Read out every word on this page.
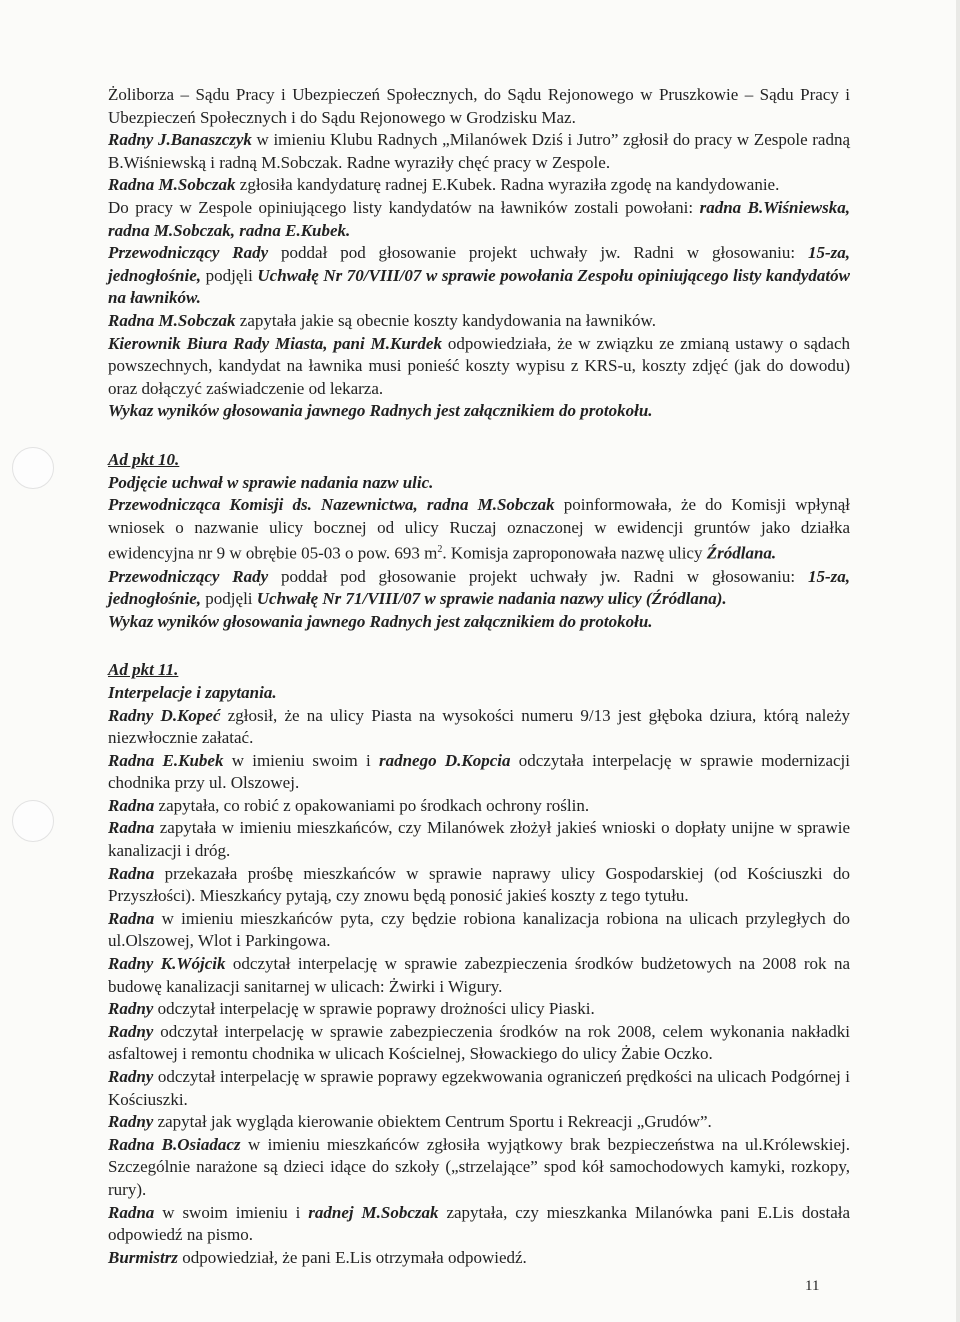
Żoliborza – Sądu Pracy i Ubezpieczeń Społecznych, do Sądu Rejonowego w Pruszkowie – Sądu Pracy i Ubezpieczeń Społecznych i do Sądu Rejonowego w Grodzisku Maz.

Radny J.Banaszczyk w imieniu Klubu Radnych „Milanówek Dziś i Jutro” zgłosił do pracy w Zespole radną B.Wiśniewską i radną M.Sobczak. Radne wyraziły chęć pracy w Zespole.

Radna M.Sobczak zgłosiła kandydaturę radnej E.Kubek. Radna wyraziła zgodę na kandydowanie.

Do pracy w Zespole opiniującego listy kandydatów na ławników zostali powołani: radna B.Wiśniewska, radna M.Sobczak, radna E.Kubek.

Przewodniczący Rady poddał pod głosowanie projekt uchwały jw. Radni w głosowaniu: 15-za, jednogłośnie, podjęli Uchwałę Nr 70/VIII/07 w sprawie powołania Zespołu opiniującego listy kandydatów na ławników.

Radna M.Sobczak zapytała jakie są obecnie koszty kandydowania na ławników.

Kierownik Biura Rady Miasta, pani M.Kurdek odpowiedziała, że w związku ze zmianą ustawy o sądach powszechnych, kandydat na ławnika musi ponieść koszty wypisu z KRS-u, koszty zdjęć (jak do dowodu) oraz dołączyć zaświadczenie od lekarza.

Wykaz wyników głosowania jawnego Radnych jest załącznikiem do protokołu.

Ad pkt 10.

Podjęcie uchwał w sprawie nadania nazw ulic.

Przewodnicząca Komisji ds. Nazewnictwa, radna M.Sobczak poinformowała, że do Komisji wpłynął wniosek o nazwanie ulicy bocznej od ulicy Ruczaj oznaczonej w ewidencji gruntów jako działka ewidencyjna nr 9 w obrębie 05-03 o pow. 693 $m^2$. Komisja zaproponowała nazwę ulicy Źródlana.

Przewodniczący Rady poddał pod głosowanie projekt uchwały jw. Radni w głosowaniu: 15-za, jednogłośnie, podjęli Uchwałę Nr 71/VIII/07 w sprawie nadania nazwy ulicy (Źródlana).

Wykaz wyników głosowania jawnego Radnych jest załącznikiem do protokołu.

Ad pkt 11.

Interpelacje i zapytania.

Radny D.Kopeć zgłosił, że na ulicy Piasta na wysokości numeru 9/13 jest głęboka dziura, którą należy niezwłocznie załatać.

Radna E.Kubek w imieniu swoim i radnego D.Kopcia odczytała interpelację w sprawie modernizacji chodnika przy ul. Olszowej.

Radna zapytała, co robić z opakowaniami po środkach ochrony roślin.

Radna zapytała w imieniu mieszkańców, czy Milanówek złożył jakieś wnioski o dopłaty unijne w sprawie kanalizacji i dróg.

Radna przekazała prośbę mieszkańców w sprawie naprawy ulicy Gospodarskiej (od Kościuszki do Przyszłości). Mieszkańcy pytają, czy znowu będą ponosić jakieś koszty z tego tytułu.

Radna w imieniu mieszkańców pyta, czy będzie robiona kanalizacja robiona na ulicach przyległych do ul.Olszowej, Wlot i Parkingowa.

Radny K.Wójcik odczytał interpelację w sprawie zabezpieczenia środków budżetowych na 2008 rok na budowę kanalizacji sanitarnej w ulicach: Żwirki i Wigury.

Radny odczytał interpelację w sprawie poprawy drożności ulicy Piaski.

Radny odczytał interpelację w sprawie zabezpieczenia środków na rok 2008, celem wykonania nakładki asfaltowej i remontu chodnika w ulicach Kościelnej, Słowackiego do ulicy Żabie Oczko.

Radny odczytał interpelację w sprawie poprawy egzekwowania ograniczeń prędkości na ulicach Podgórnej i Kościuszki.

Radny zapytał jak wygląda kierowanie obiektem Centrum Sportu i Rekreacji „Grudów”.

Radna B.Osiadacz w imieniu mieszkańców zgłosiła wyjątkowy brak bezpieczeństwa na ul.Królewskiej. Szczególnie narażone są dzieci idące do szkoły („strzelające” spod kół samochodowych kamyki, rozkopy, rury).

Radna w swoim imieniu i radnej M.Sobczak zapytała, czy mieszkanka Milanówka pani E.Lis dostała odpowiedź na pismo.

Burmistrz odpowiedział, że pani E.Lis otrzymała odpowiedź.

11
